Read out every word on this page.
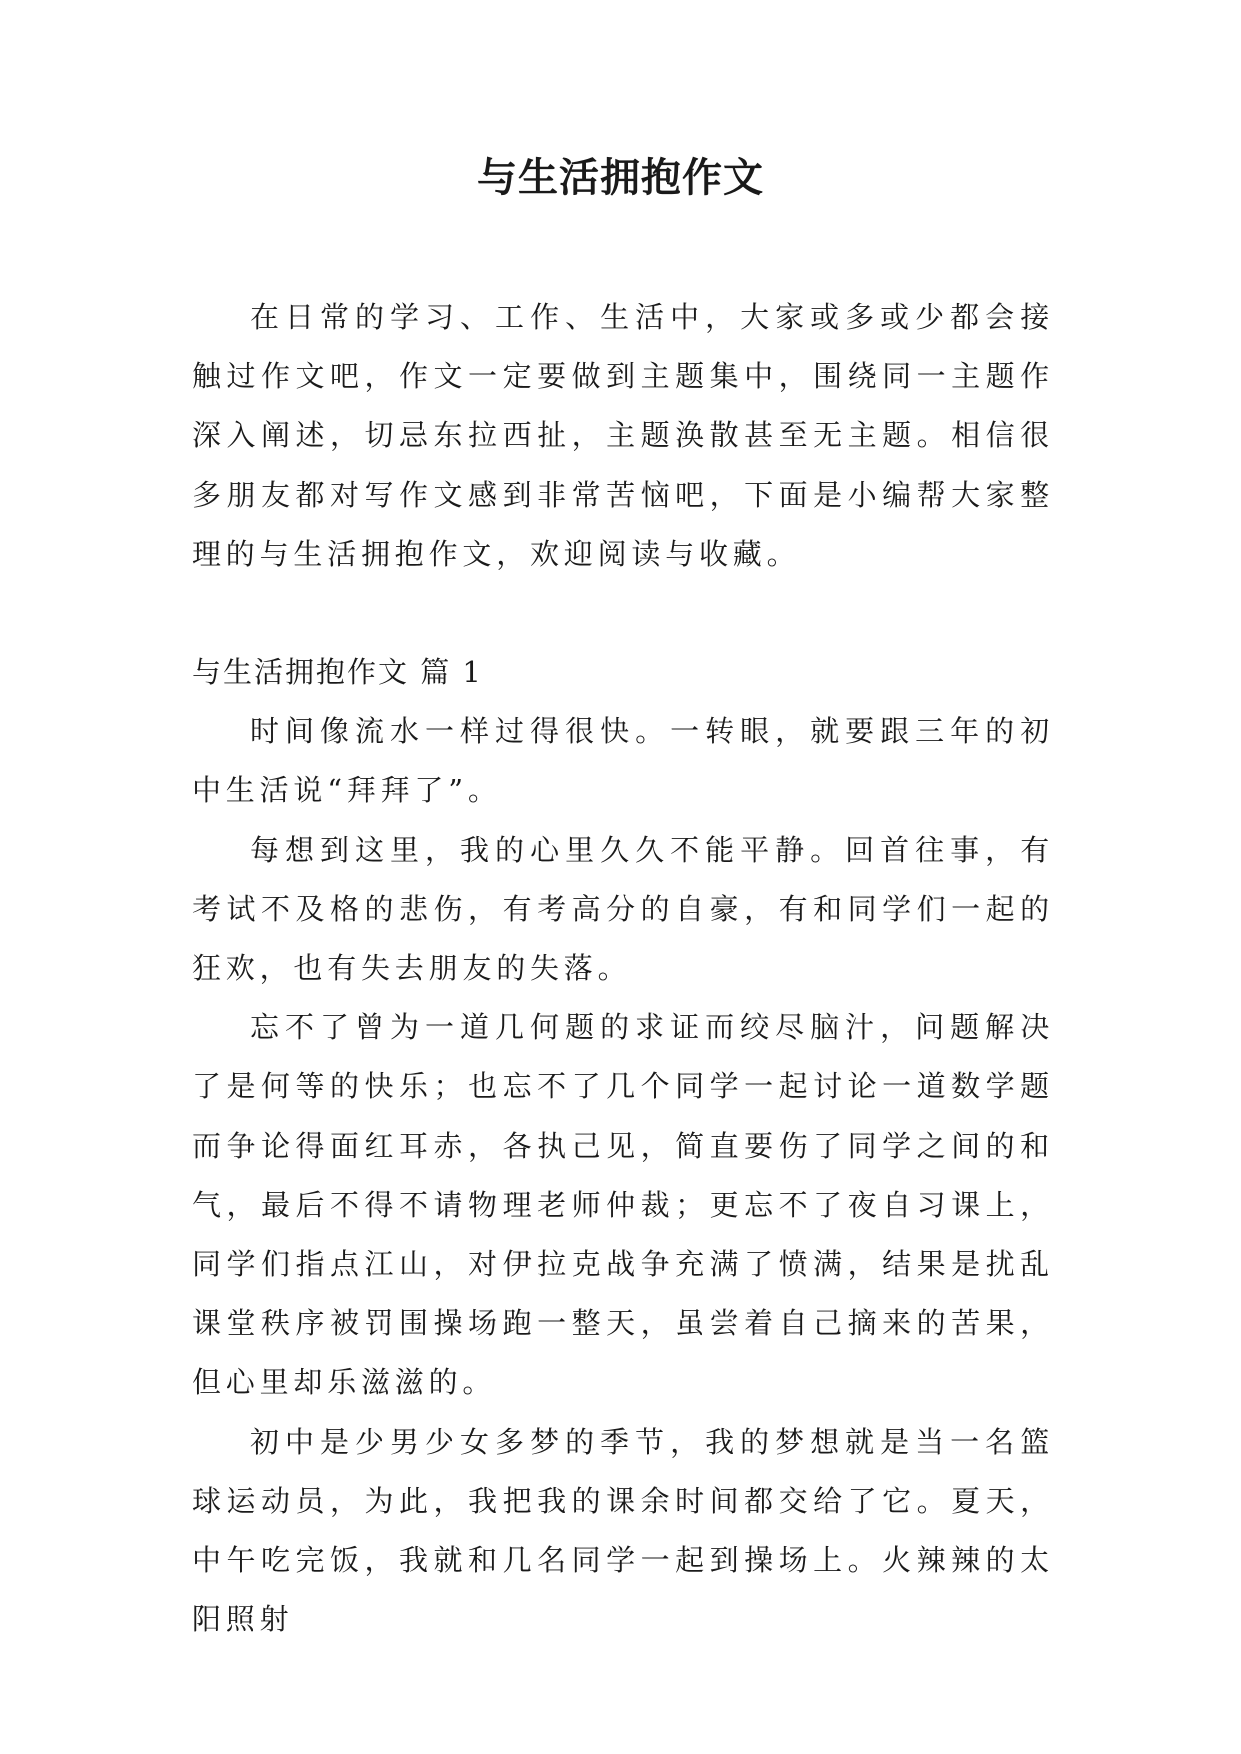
与生活拥抱作文

在日常的学习、工作、生活中，大家或多或少都会接触过作文吧，作文一定要做到主题集中，围绕同一主题作深入阐述，切忌东拉西扯，主题涣散甚至无主题。相信很多朋友都对写作文感到非常苦恼吧，下面是小编帮大家整理的与生活拥抱作文，欢迎阅读与收藏。

与生活拥抱作文 篇 1

时间像流水一样过得很快。一转眼，就要跟三年的初中生活说“拜拜了”。

每想到这里，我的心里久久不能平静。回首往事，有考试不及格的悲伤，有考高分的自豪，有和同学们一起的狂欢，也有失去朋友的失落。

忘不了曾为一道几何题的求证而绞尽脑汁，问题解决了是何等的快乐；也忘不了几个同学一起讨论一道数学题而争论得面红耳赤，各执己见，简直要伤了同学之间的和气，最后不得不请物理老师仲裁；更忘不了夜自习课上，同学们指点江山，对伊拉克战争充满了愤满，结果是扰乱课堂秩序被罚围操场跑一整天，虽尝着自己摘来的苦果，但心里却乐滋滋的。

初中是少男少女多梦的季节，我的梦想就是当一名篮球运动员，为此，我把我的课余时间都交给了它。夏天，中午吃完饭，我就和几名同学一起到操场上。火辣辣的太阳照射
